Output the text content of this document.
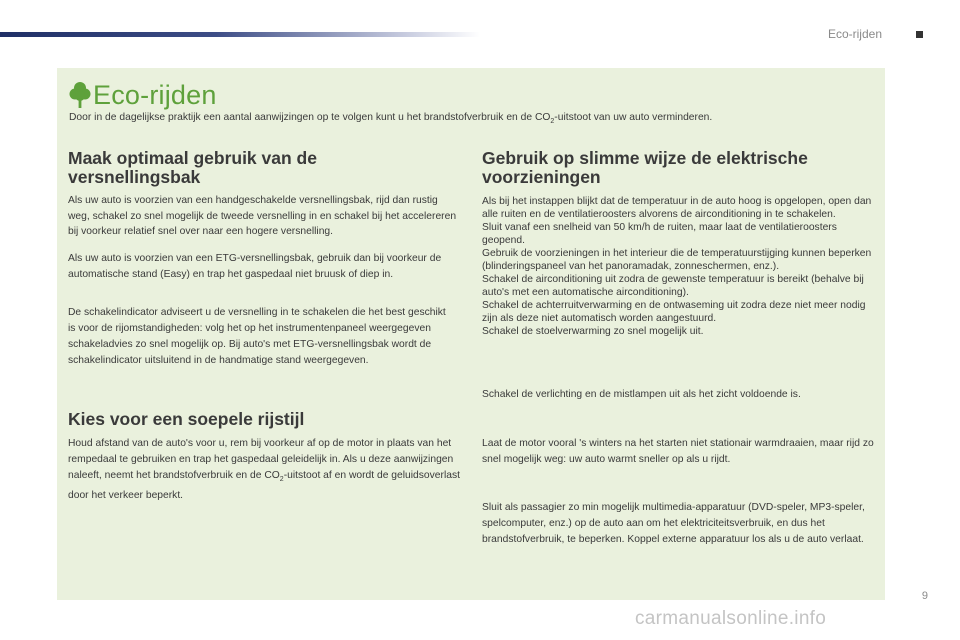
Eco-rijden
Eco-rijden
Door in de dagelijkse praktijk een aantal aanwijzingen op te volgen kunt u het brandstofverbruik en de $CO_2$-uitstoot van uw auto verminderen.
Maak optimaal gebruik van de versnellingsbak
Als uw auto is voorzien van een handgeschakelde versnellingsbak, rijd dan rustig weg, schakel zo snel mogelijk de tweede versnelling in en schakel bij het accelereren bij voorkeur relatief snel over naar een hogere versnelling.
Als uw auto is voorzien van een ETG-versnellingsbak, gebruik dan bij voorkeur de automatische stand (Easy) en trap het gaspedaal niet bruusk of diep in.
De schakelindicator adviseert u de versnelling in te schakelen die het best geschikt is voor de rijomstandigheden: volg het op het instrumentenpaneel weergegeven schakeladvies zo snel mogelijk op. Bij auto's met ETG-versnellingsbak wordt de schakelindicator uitsluitend in de handmatige stand weergegeven.
Kies voor een soepele rijstijl
Houd afstand van de auto's voor u, rem bij voorkeur af op de motor in plaats van het rempedaal te gebruiken en trap het gaspedaal geleidelijk in. Als u deze aanwijzingen naleeft, neemt het brandstofverbruik en de $CO_2$-uitstoot af en wordt de geluidsoverlast door het verkeer beperkt.
Gebruik op slimme wijze de elektrische voorzieningen
Als bij het instappen blijkt dat de temperatuur in de auto hoog is opgelopen, open dan alle ruiten en de ventilatieroosters alvorens de airconditioning in te schakelen.
Sluit vanaf een snelheid van 50 km/h de ruiten, maar laat de ventilatieroosters geopend.
Gebruik de voorzieningen in het interieur die de temperatuurstijging kunnen beperken (blinderingspaneel van het panoramadak, zonneschermen, enz.).
Schakel de airconditioning uit zodra de gewenste temperatuur is bereikt (behalve bij auto's met een automatische airconditioning).
Schakel de achterruitverwarming en de ontwaseming uit zodra deze niet meer nodig zijn als deze niet automatisch worden aangestuurd.
Schakel de stoelverwarming zo snel mogelijk uit.
Schakel de verlichting en de mistlampen uit als het zicht voldoende is.
Laat de motor vooral 's winters na het starten niet stationair warmdraaien, maar rijd zo snel mogelijk weg: uw auto warmt sneller op als u rijdt.
Sluit als passagier zo min mogelijk multimedia-apparatuur (DVD-speler, MP3-speler, spelcomputer, enz.) op de auto aan om het elektriciteitsverbruik, en dus het brandstofverbruik, te beperken. Koppel externe apparatuur los als u de auto verlaat.
9
carmanualsonline.info
